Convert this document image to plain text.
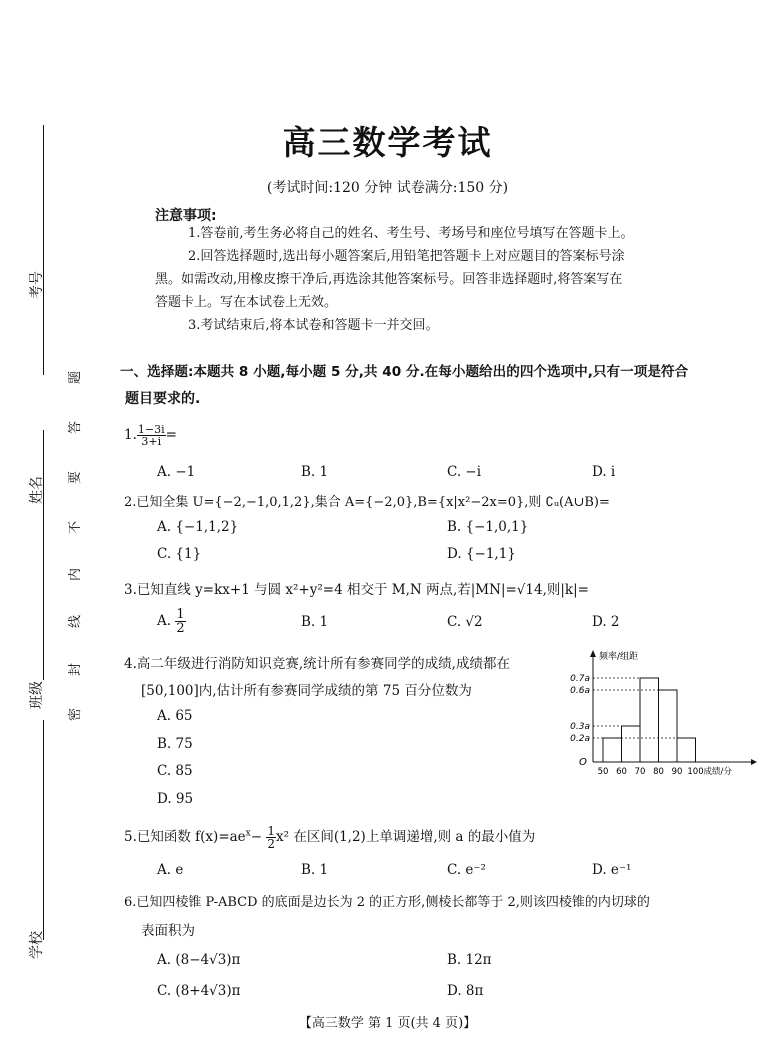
考号
姓名
班级
学校
题
答
要
不
内
线
封
密
高三数学考试
(考试时间:120 分钟 试卷满分:150 分)
注意事项:
1.答卷前,考生务必将自己的姓名、考生号、考场号和座位号填写在答题卡上。
2.回答选择题时,选出每小题答案后,用铅笔把答题卡上对应题目的答案标号涂
黑。如需改动,用橡皮擦干净后,再选涂其他答案标号。回答非选择题时,将答案写在
答题卡上。写在本试卷上无效。
3.考试结束后,将本试卷和答题卡一并交回。
一、选择题:本题共 8 小题,每小题 5 分,共 40 分.在每小题给出的四个选项中,只有一项是符合
题目要求的.
1. $\frac{1-3i}{3+i}$ =
A. −1	B. 1	C. −i	D. i
2.已知全集 U={−2,−1,0,1,2},集合 A={−2,0},B={x|x²−2x=0},则 ∁ᵤ(A∪B)=
A. {−1,1,2}	B. {−1,0,1}
C. {1}	D. {−1,1}
3.已知直线 y=kx+1 与圆 x²+y²=4 相交于 M,N 两点,若|MN|=√14,则|k|=
A. $\frac{1}{2}$	B. 1	C. √2	D. 2
4.高二年级进行消防知识竞赛,统计所有参赛同学的成绩,成绩都在
[50,100]内,估计所有参赛同学成绩的第 75 百分位数为
A. 65
B. 75
C. 85
D. 95
频率/组距
O
0.7a
0.6a
0.3a
0.2a
50 60 70 80 90 100 成绩/分
5.已知函数 $f(x)=ae^x- \frac{1}{2} x^2$ 在区间(1,2)上单调递增,则 a 的最小值为
A. e	B. 1	C. e⁻²	D. e⁻¹
6.已知四棱锥 P-ABCD 的底面是边长为 2 的正方形,侧棱长都等于 2,则该四棱锥的内切球的
表面积为
A. (8−4√3)π	B. 12π
C. (8+4√3)π	D. 8π
【高三数学 第 1 页(共 4 页)】
